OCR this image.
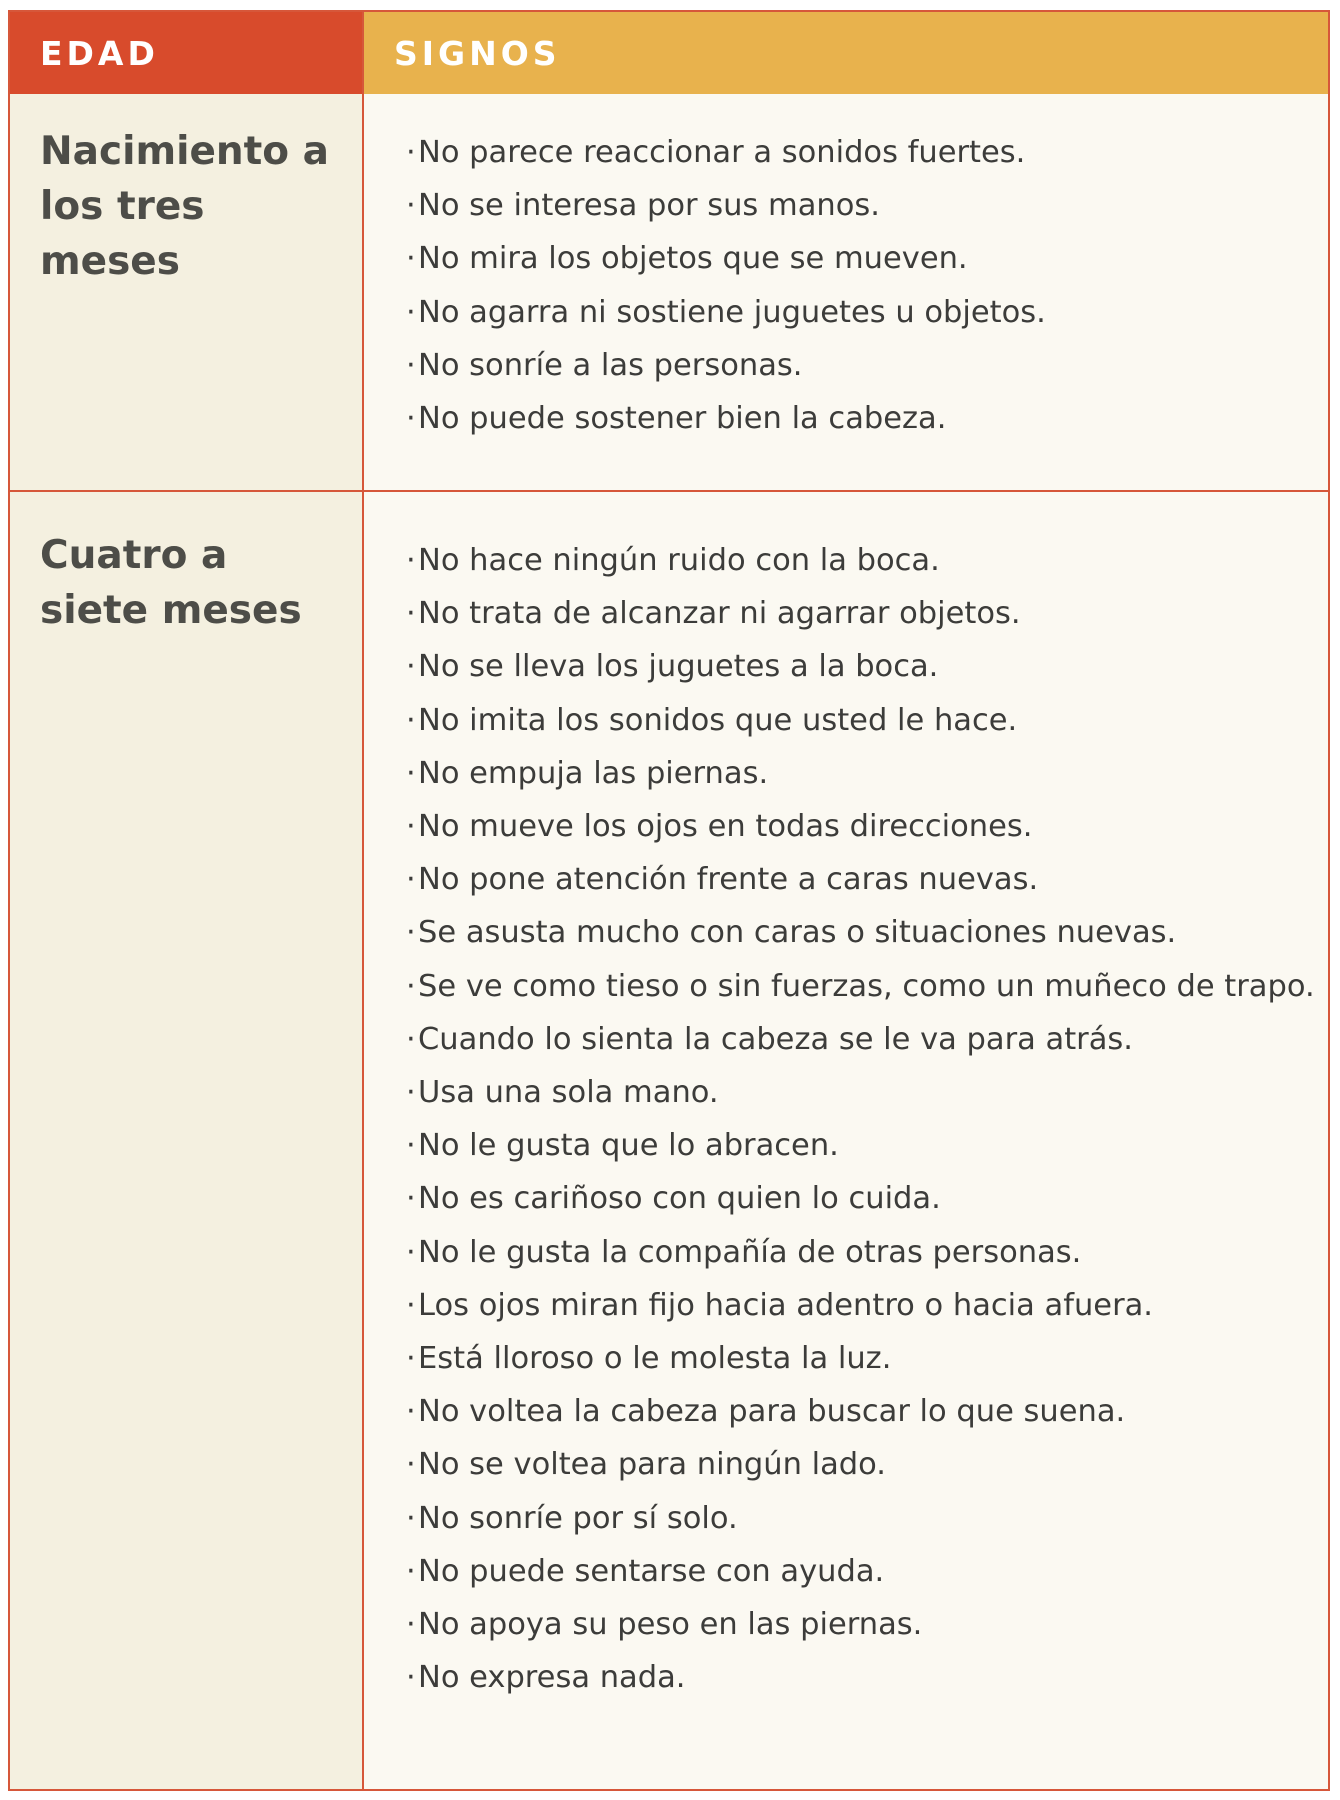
EDAD	SIGNOS
Nacimiento a los tres meses
·No parece reaccionar a sonidos fuertes.
·No se interesa por sus manos.
·No mira los objetos que se mueven.
·No agarra ni sostiene juguetes u objetos.
·No sonríe a las personas.
·No puede sostener bien la cabeza.
Cuatro a siete meses
·No hace ningún ruido con la boca.
·No trata de alcanzar ni agarrar objetos.
·No se lleva los juguetes a la boca.
·No imita los sonidos que usted le hace.
·No empuja las piernas.
·No mueve los ojos en todas direcciones.
·No pone atención frente a caras nuevas.
·Se asusta mucho con caras o situaciones nuevas.
·Se ve como tieso o sin fuerzas, como un muñeco de trapo.
·Cuando lo sienta la cabeza se le va para atrás.
·Usa una sola mano.
·No le gusta que lo abracen.
·No es cariñoso con quien lo cuida.
·No le gusta la compañía de otras personas.
·Los ojos miran fijo hacia adentro o hacia afuera.
·Está lloroso o le molesta la luz.
·No voltea la cabeza para buscar lo que suena.
·No se voltea para ningún lado.
·No sonríe por sí solo.
·No puede sentarse con ayuda.
·No apoya su peso en las piernas.
·No expresa nada.
